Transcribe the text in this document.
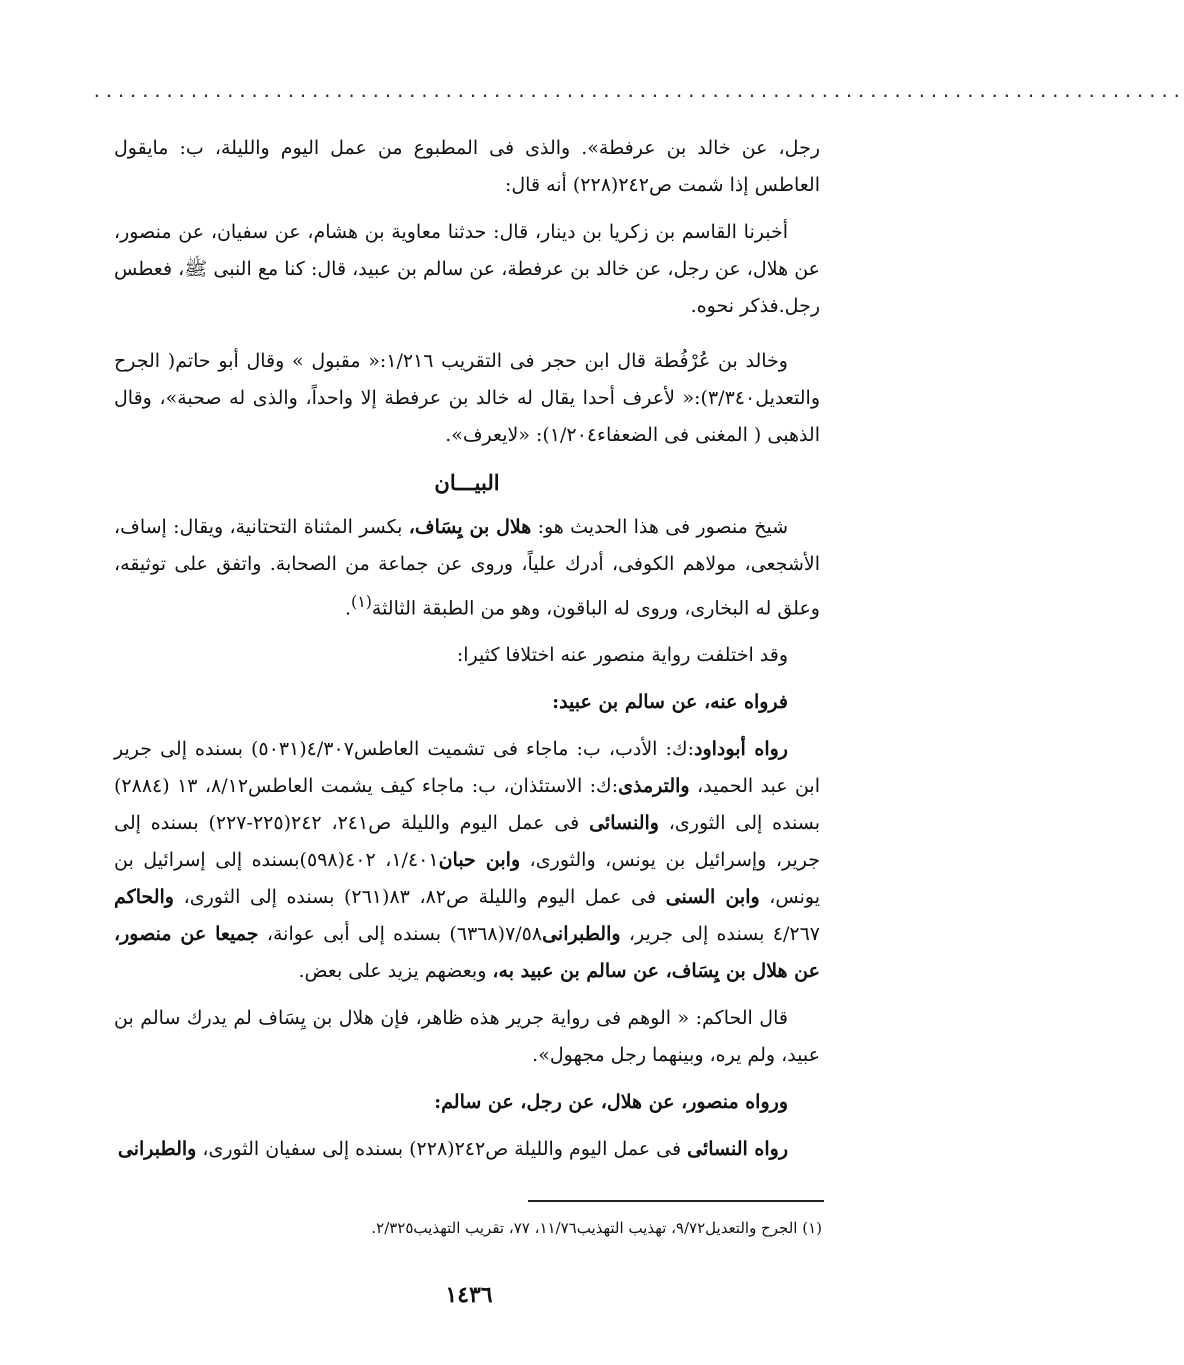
..........................................................................................

رجل، عن خالد بن عرفطة». والذى فى المطبوع من عمل اليوم والليلة، ب: مايقول العاطس إذا شمت ص٢٤٢(٢٢٨) أنه قال:

أخبرنا القاسم بن زكريا بن دينار، قال: حدثنا معاوية بن هشام، عن سفيان، عن منصور، عن هلال، عن رجل، عن خالد بن عرفطة، عن سالم بن عبيد، قال: كنا مع النبى ﷺ، فعطس رجل.فذكر نحوه.

وخالد بن عُرْفُطة قال ابن حجر فى التقريب ١/٢١٦:« مقبول » وقال أبو حاتم( الجرح والتعديل٣/٣٤٠):« لأعرف أحدا يقال له خالد بن عرفطة إلا واحداً، والذى له صحبة»، وقال الذهبى ( المغنى فى الضعفاء١/٢٠٤): «لايعرف».

البيـــان

شيخ منصور فى هذا الحديث هو: هلال بن يِسَاف، بكسر المثناة التحتانية، ويقال: إساف، الأشجعى، مولاهم الكوفى، أدرك علياً، وروى عن جماعة من الصحابة. واتفق على توثيقه، وعلق له البخارى، وروى له الباقون، وهو من الطبقة الثالثة$^{(١)}$.

وقد اختلفت رواية منصور عنه اختلافا كثيرا:

فرواه عنه، عن سالم بن عبيد:

رواه أبوداود:ك: الأدب، ب: ماجاء فى تشميت العاطس٤/٣٠٧(٥٠٣١) بسنده إلى جرير ابن عبد الحميد، والترمذى:ك: الاستئذان، ب: ماجاء كيف يشمت العاطس٨/١٢، ١٣ (٢٨٨٤) بسنده إلى الثورى، والنسائى فى عمل اليوم والليلة ص٢٤١، ٢٤٢(٢٢٥-٢٢٧) بسنده إلى جرير، وإسرائيل بن يونس، والثورى، وابن حبان١/٤٠١، ٤٠٢(٥٩٨)بسنده إلى إسرائيل بن يونس، وابن السنى فى عمل اليوم والليلة ص٨٢، ٨٣(٢٦١) بسنده إلى الثورى، والحاكم ٤/٢٦٧ بسنده إلى جرير، والطبرانى٧/٥٨(٦٣٦٨) بسنده إلى أبى عوانة، جميعا عن منصور، عن هلال بن يِسَاف، عن سالم بن عبيد به، وبعضهم يزيد على بعض.

قال الحاكم: « الوهم فى رواية جرير هذه ظاهر، فإن هلال بن يِسَاف لم يدرك سالم بن عبيد، ولم يره، وبينهما رجل مجهول».

ورواه منصور، عن هلال، عن رجل، عن سالم:

رواه النسائى فى عمل اليوم والليلة ص٢٤٢(٢٢٨) بسنده إلى سفيان الثورى، والطبرانى

(١) الجرح والتعديل٩/٧٢، تهذيب التهذيب١١/٧٦، ٧٧، تقريب التهذيب٢/٣٢٥.
١٤٣٦
